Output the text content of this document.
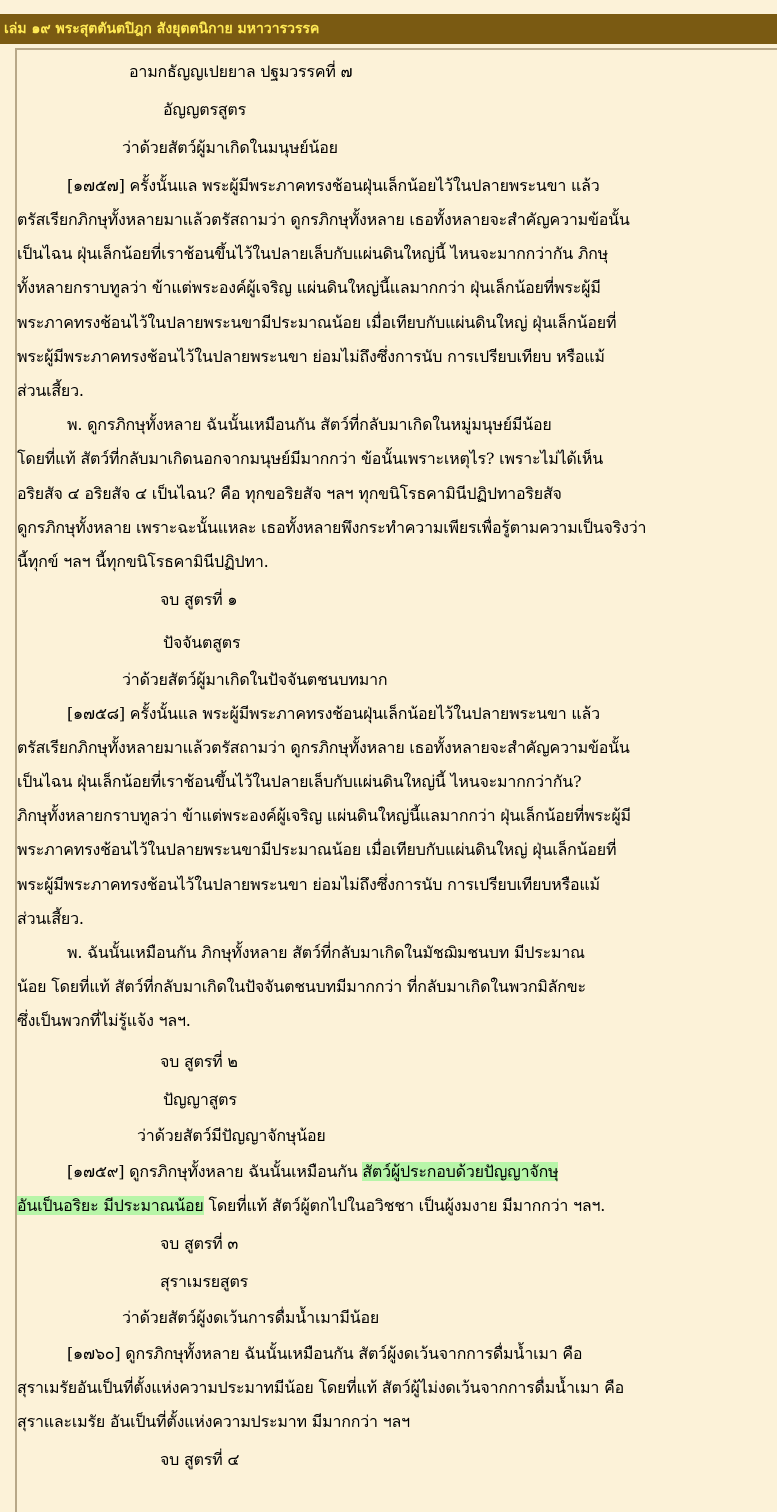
เล่ม ๑๙ พระสุตตันตปิฎก สังยุตตนิกาย มหาวารวรรค
อามกธัญญเปยยาล ปฐมวรรคที่ ๗
อัญญตรสูตร
ว่าด้วยสัตว์ผู้มาเกิดในมนุษย์น้อย
[๑๗๕๗] ครั้งนั้นแล พระผู้มีพระภาคทรงช้อนฝุ่นเล็กน้อยไว้ในปลายพระนขา แล้ว
ตรัสเรียกภิกษุทั้งหลายมาแล้วตรัสถามว่า ดูกรภิกษุทั้งหลาย เธอทั้งหลายจะสำคัญความข้อนั้น
เป็นไฉน ฝุ่นเล็กน้อยที่เราช้อนขึ้นไว้ในปลายเล็บกับแผ่นดินใหญ่นี้ ไหนจะมากกว่ากัน ภิกษุ
ทั้งหลายกราบทูลว่า ข้าแต่พระองค์ผู้เจริญ แผ่นดินใหญ่นี้แลมากกว่า ฝุ่นเล็กน้อยที่พระผู้มี
พระภาคทรงช้อนไว้ในปลายพระนขามีประมาณน้อย เมื่อเทียบกับแผ่นดินใหญ่ ฝุ่นเล็กน้อยที่
พระผู้มีพระภาคทรงช้อนไว้ในปลายพระนขา ย่อมไม่ถึงซึ่งการนับ การเปรียบเทียบ หรือแม้
ส่วนเสี้ยว.
พ. ดูกรภิกษุทั้งหลาย ฉันนั้นเหมือนกัน สัตว์ที่กลับมาเกิดในหมู่มนุษย์มีน้อย
โดยที่แท้ สัตว์ที่กลับมาเกิดนอกจากมนุษย์มีมากกว่า ข้อนั้นเพราะเหตุไร? เพราะไม่ได้เห็น
อริยสัจ ๔ อริยสัจ ๔ เป็นไฉน? คือ ทุกขอริยสัจ ฯลฯ ทุกขนิโรธคามินีปฏิปทาอริยสัจ
ดูกรภิกษุทั้งหลาย เพราะฉะนั้นแหละ เธอทั้งหลายพึงกระทำความเพียรเพื่อรู้ตามความเป็นจริงว่า
นี้ทุกข์ ฯลฯ นี้ทุกขนิโรธคามินีปฏิปทา.
จบ สูตรที่ ๑
ปัจจันตสูตร
ว่าด้วยสัตว์ผู้มาเกิดในปัจจันตชนบทมาก
[๑๗๕๘] ครั้งนั้นแล พระผู้มีพระภาคทรงช้อนฝุ่นเล็กน้อยไว้ในปลายพระนขา แล้ว
ตรัสเรียกภิกษุทั้งหลายมาแล้วตรัสถามว่า ดูกรภิกษุทั้งหลาย เธอทั้งหลายจะสำคัญความข้อนั้น
เป็นไฉน ฝุ่นเล็กน้อยที่เราช้อนขึ้นไว้ในปลายเล็บกับแผ่นดินใหญ่นี้ ไหนจะมากกว่ากัน?
ภิกษุทั้งหลายกราบทูลว่า ข้าแต่พระองค์ผู้เจริญ แผ่นดินใหญ่นี้แลมากกว่า ฝุ่นเล็กน้อยที่พระผู้มี
พระภาคทรงช้อนไว้ในปลายพระนขามีประมาณน้อย เมื่อเทียบกับแผ่นดินใหญ่ ฝุ่นเล็กน้อยที่
พระผู้มีพระภาคทรงช้อนไว้ในปลายพระนขา ย่อมไม่ถึงซึ่งการนับ การเปรียบเทียบหรือแม้
ส่วนเสี้ยว.
พ. ฉันนั้นเหมือนกัน ภิกษุทั้งหลาย สัตว์ที่กลับมาเกิดในมัชฌิมชนบท มีประมาณ
น้อย โดยที่แท้ สัตว์ที่กลับมาเกิดในปัจจันตชนบทมีมากกว่า ที่กลับมาเกิดในพวกมิลักขะ
ซึ่งเป็นพวกที่ไม่รู้แจ้ง ฯลฯ.
จบ สูตรที่ ๒
ปัญญาสูตร
ว่าด้วยสัตว์มีปัญญาจักษุน้อย
[๑๗๕๙] ดูกรภิกษุทั้งหลาย ฉันนั้นเหมือนกัน สัตว์ผู้ประกอบด้วยปัญญาจักษุ
อันเป็นอริยะ มีประมาณน้อย โดยที่แท้ สัตว์ผู้ตกไปในอวิชชา เป็นผู้งมงาย มีมากกว่า ฯลฯ.
จบ สูตรที่ ๓
สุราเมรยสูตร
ว่าด้วยสัตว์ผู้งดเว้นการดื่มน้ำเมามีน้อย
[๑๗๖๐] ดูกรภิกษุทั้งหลาย ฉันนั้นเหมือนกัน สัตว์ผู้งดเว้นจากการดื่มน้ำเมา คือ
สุราเมรัยอันเป็นที่ตั้งแห่งความประมาทมีน้อย โดยที่แท้ สัตว์ผู้ไม่งดเว้นจากการดื่มน้ำเมา คือ
สุราและเมรัย อันเป็นที่ตั้งแห่งความประมาท มีมากกว่า ฯลฯ
จบ สูตรที่ ๔
